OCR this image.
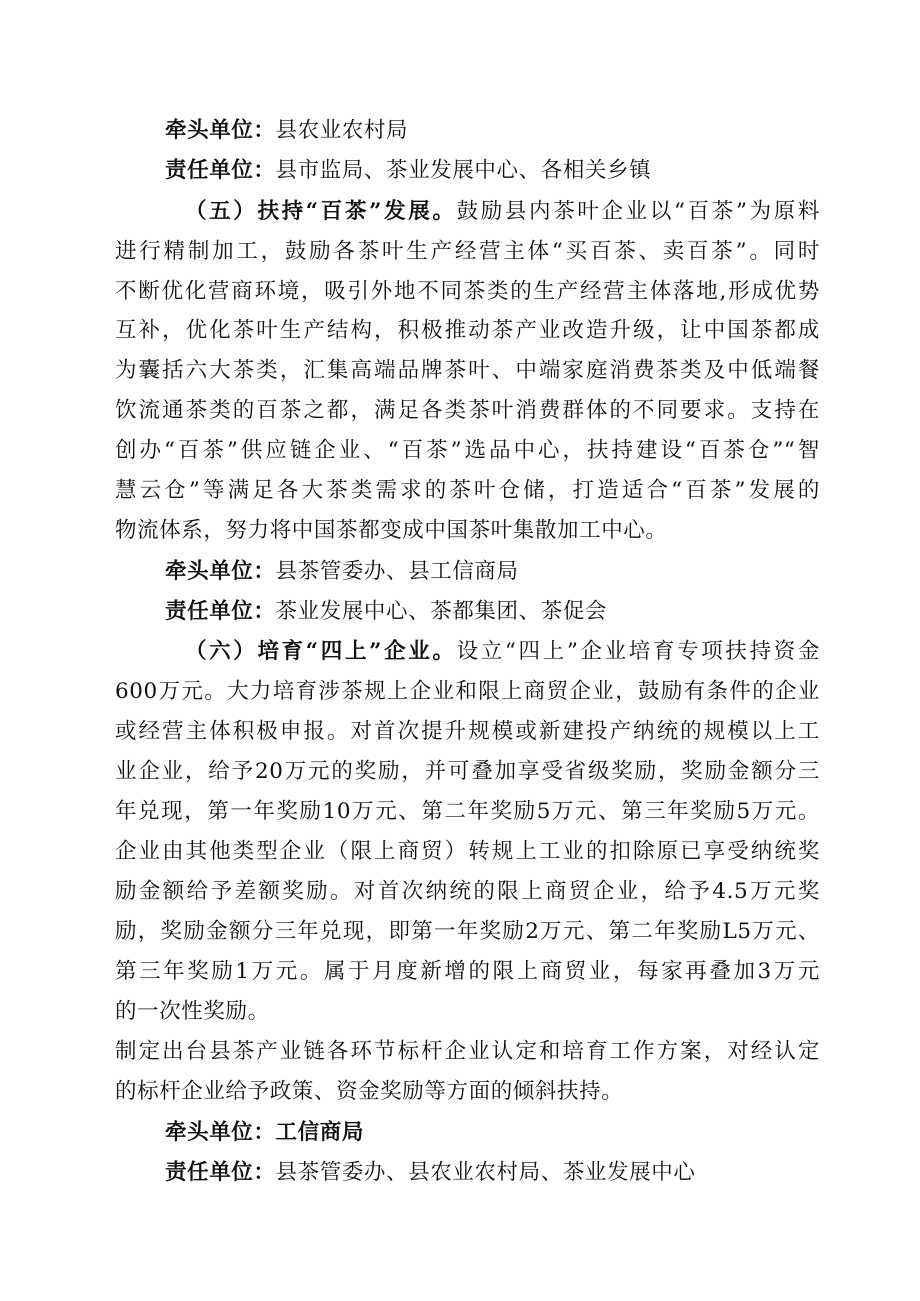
牵头单位：县农业农村局
责任单位：县市监局、茶业发展中心、各相关乡镇
（五）扶持“百茶”发展。鼓励县内茶叶企业以“百茶”为原料
进行精制加工，鼓励各茶叶生产经营主体“买百茶、卖百茶”。同时
不断优化营商环境，吸引外地不同茶类的生产经营主体落地,形成优势
互补，优化茶叶生产结构，积极推动茶产业改造升级，让中国茶都成
为囊括六大茶类，汇集高端品牌茶叶、中端家庭消费茶类及中低端餐
饮流通茶类的百茶之都，满足各类茶叶消费群体的不同要求。支持在
创办“百茶”供应链企业、“百茶”选品中心，扶持建设“百茶仓”“智
慧云仓”等满足各大茶类需求的茶叶仓储，打造适合“百茶”发展的
物流体系，努力将中国茶都变成中国茶叶集散加工中心。
牵头单位：县茶管委办、县工信商局
责任单位：茶业发展中心、茶都集团、茶促会
（六）培育“四上”企业。设立“四上”企业培育专项扶持资金
600万元。大力培育涉茶规上企业和限上商贸企业，鼓励有条件的企业
或经营主体积极申报。对首次提升规模或新建投产纳统的规模以上工
业企业，给予20万元的奖励，并可叠加享受省级奖励，奖励金额分三
年兑现，第一年奖励10万元、第二年奖励5万元、第三年奖励5万元。
企业由其他类型企业（限上商贸）转规上工业的扣除原已享受纳统奖
励金额给予差额奖励。对首次纳统的限上商贸企业，给予4.5万元奖
励，奖励金额分三年兑现，即第一年奖励2万元、第二年奖励L5万元、
第三年奖励1万元。属于月度新增的限上商贸业，每家再叠加3万元
的一次性奖励。
制定出台县茶产业链各环节标杆企业认定和培育工作方案，对经认定
的标杆企业给予政策、资金奖励等方面的倾斜扶持。
牵头单位：工信商局
责任单位：县茶管委办、县农业农村局、茶业发展中心
